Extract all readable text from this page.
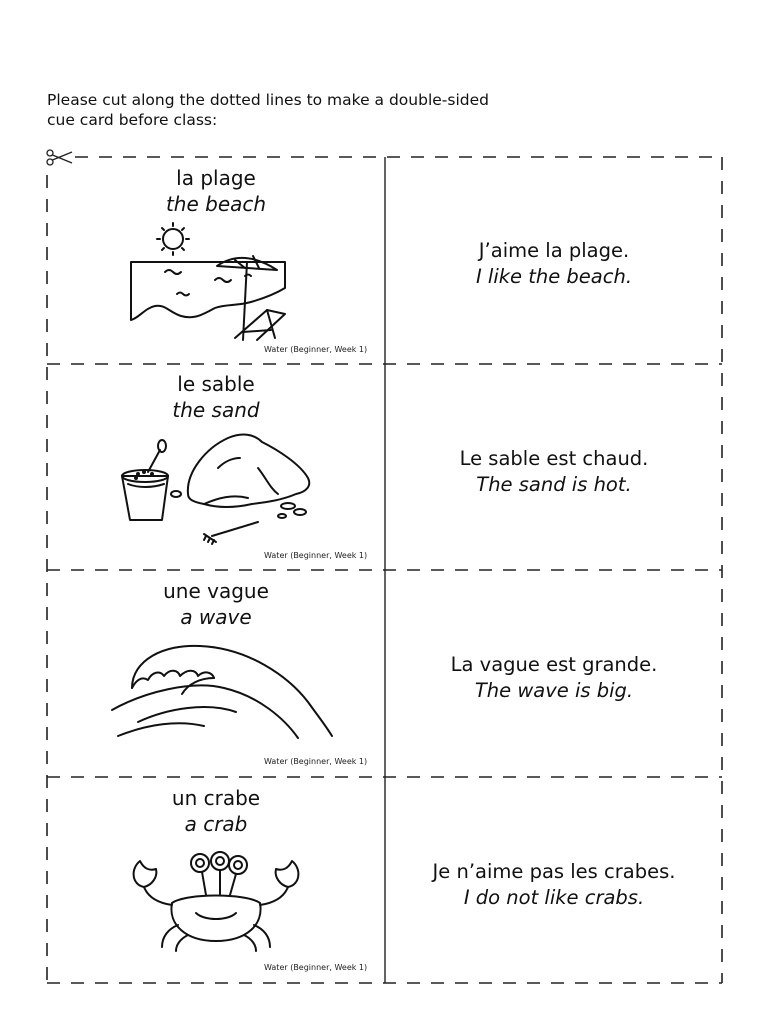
Please cut along the dotted lines to make a double-sided
cue card before class:
la plage
the beach
Water (Beginner, Week 1)
J’aime la plage.
I like the beach.
le sable
the sand
Water (Beginner, Week 1)
Le sable est chaud.
The sand is hot.
une vague
a wave
Water (Beginner, Week 1)
La vague est grande.
The wave is big.
un crabe
a crab
Water (Beginner, Week 1)
Je n’aime pas les crabes.
I do not like crabs.
